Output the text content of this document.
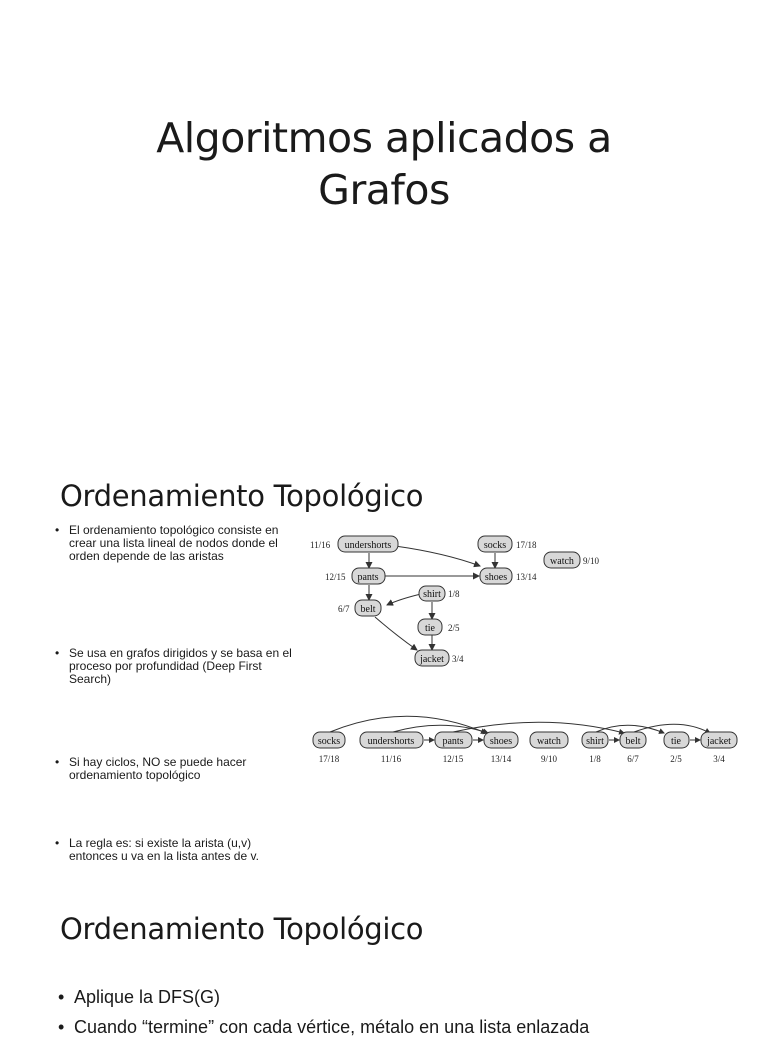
Algoritmos aplicados a
Grafos
Ordenamiento Topológico
• El ordenamiento topológico consiste en crear una lista lineal de nodos donde el orden depende de las aristas
• Se usa en grafos dirigidos y se basa en el proceso por profundidad (Deep First Search)
• Si hay ciclos, NO se puede hacer ordenamiento topológico
• La regla es: si existe la arista (u,v) entonces u va en la lista antes de v.
undershorts
11/16	socks 17/18
watch 9/10
pants
12/15	shoes 13/14
shirt 1/8
belt
6/7
tie 2/5
jacket 3/4
socks	undershorts	pants	shoes watch	shirt belt	tie	jacket
17/18	11/16	12/15	13/14	9/10	1/8	6/7	2/5	3/4
Ordenamiento Topológico
• Aplique la DFS(G)
• Cuando “termine” con cada vértice, métalo en una lista enlazada
